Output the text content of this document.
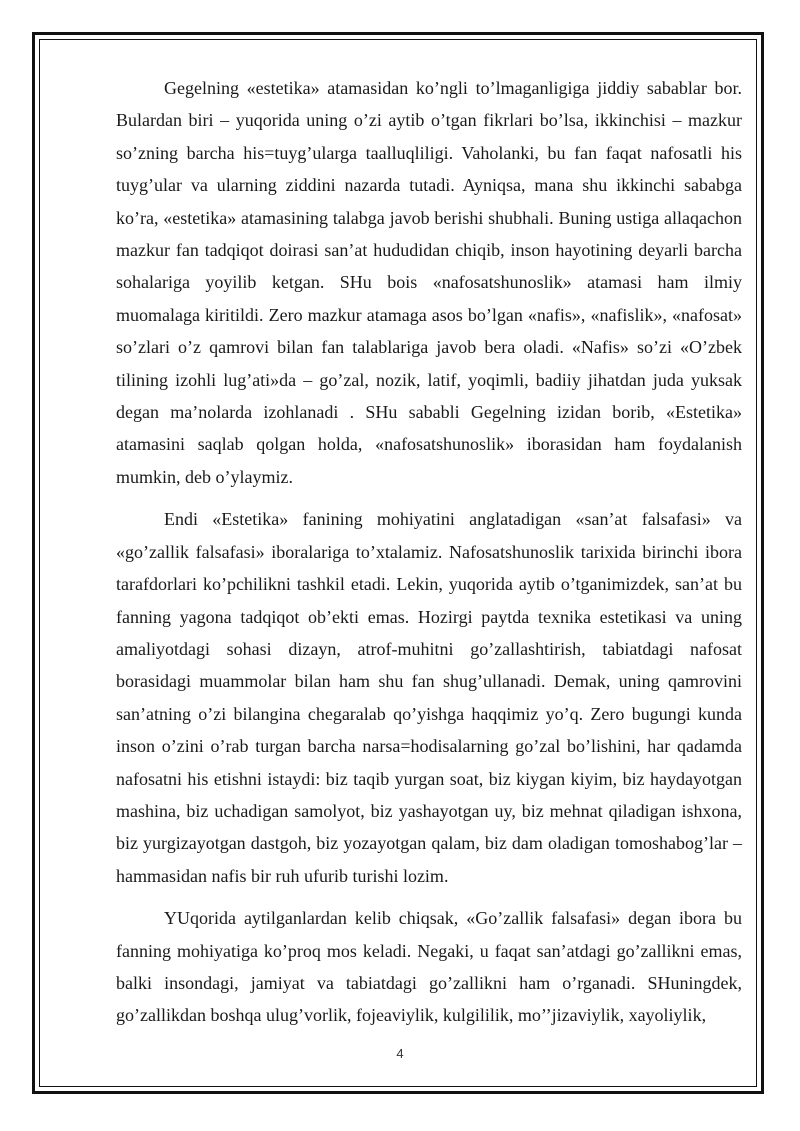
Gegelning «estetika» atamasidan ko’ngli to’lmaganligiga jiddiy sabablar bor. Bulardan biri – yuqorida uning o’zi aytib o’tgan fikrlari bo’lsa, ikkinchisi – mazkur so’zning barcha his=tuyg’ularga taalluqliligi. Vaholanki, bu fan faqat nafosatli his tuyg’ular va ularning ziddini nazarda tutadi. Ayniqsa, mana shu ikkinchi sababga ko’ra, «estetika» atamasining talabga javob berishi shubhali. Buning ustiga allaqachon mazkur fan tadqiqot doirasi san’at hududidan chiqib, inson hayotining deyarli barcha sohalariga yoyilib ketgan. SHu bois «nafosatshunoslik» atamasi ham ilmiy muomalaga kiritildi. Zero mazkur atamaga asos bo’lgan «nafis», «nafislik», «nafosat» so’zlari o’z qamrovi bilan fan talablariga javob bera oladi. «Nafis» so’zi «O’zbek tilining izohli lug’ati»da – go’zal, nozik, latif, yoqimli, badiiy jihatdan juda yuksak degan ma’nolarda izohlanadi . SHu sababli Gegelning izidan borib, «Estetika» atamasini saqlab qolgan holda, «nafosatshunoslik» iborasidan ham foydalanish mumkin, deb o’ylaymiz.

Endi «Estetika» fanining mohiyatini anglatadigan «san’at falsafasi» va «go’zallik falsafasi» iboralariga to’xtalamiz. Nafosatshunoslik tarixida birinchi ibora tarafdorlari ko’pchilikni tashkil etadi. Lekin, yuqorida aytib o’tganimizdek, san’at bu fanning yagona tadqiqot ob’ekti emas. Hozirgi paytda texnika estetikasi va uning amaliyotdagi sohasi dizayn, atrof-muhitni go’zallashtirish, tabiatdagi nafosat borasidagi muammolar bilan ham shu fan shug’ullanadi. Demak, uning qamrovini san’atning o’zi bilangina chegaralab qo’yishga haqqimiz yo’q. Zero bugungi kunda inson o’zini o’rab turgan barcha narsa=hodisalarning go’zal bo’lishini, har qadamda nafosatni his etishni istaydi: biz taqib yurgan soat, biz kiygan kiyim, biz haydayotgan mashina, biz uchadigan samolyot, biz yashayotgan uy, biz mehnat qiladigan ishxona, biz yurgizayotgan dastgoh, biz yozayotgan qalam, biz dam oladigan tomoshabog’lar – hammasidan nafis bir ruh ufurib turishi lozim.

YUqorida aytilganlardan kelib chiqsak, «Go’zallik falsafasi» degan ibora bu fanning mohiyatiga ko’proq mos keladi. Negaki, u faqat san’atdagi go’zallikni emas, balki insondagi, jamiyat va tabiatdagi go’zallikni ham o’rganadi. SHuningdek, go’zallikdan boshqa ulug’vorlik, fojeaviylik, kulgililik, mo’’jizaviylik, xayoliylik,

4
